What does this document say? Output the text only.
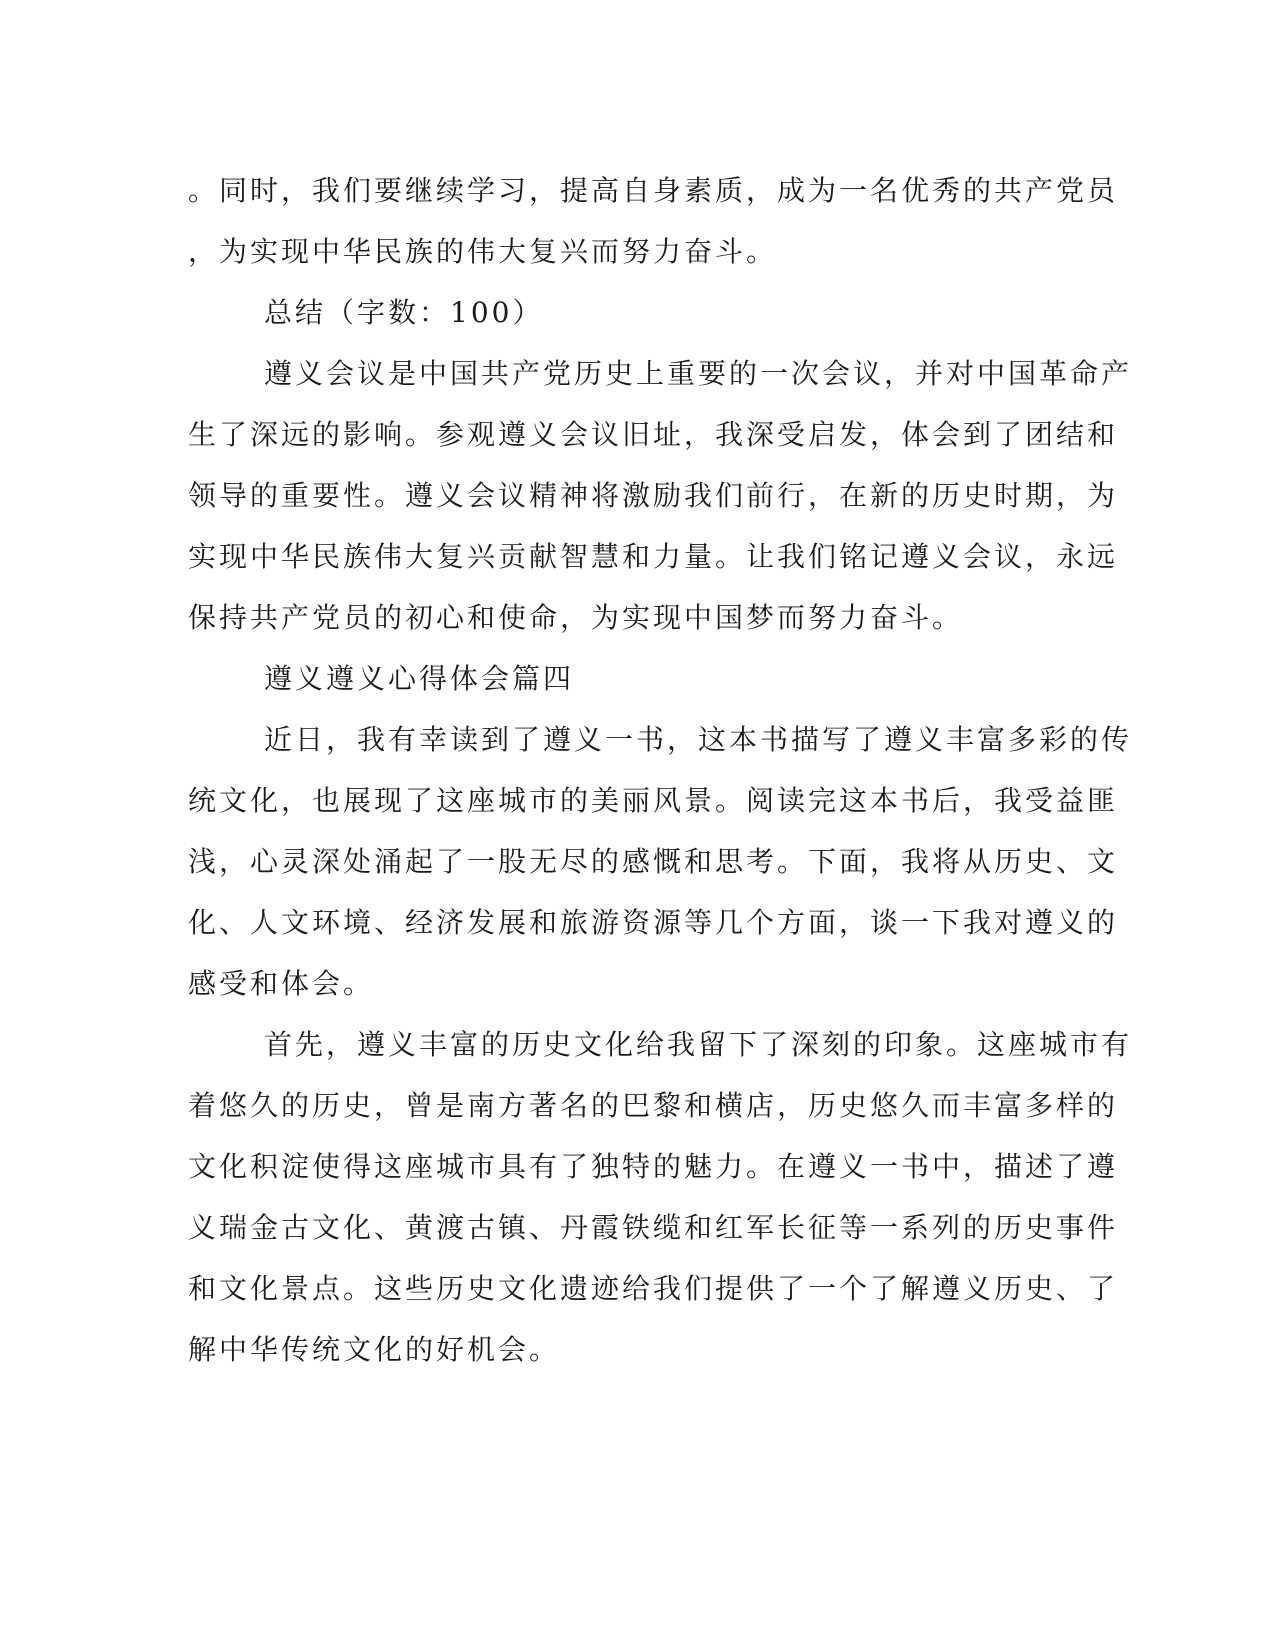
。同时，我们要继续学习，提高自身素质，成为一名优秀的共产党员
，为实现中华民族的伟大复兴而努力奋斗。
总结（字数：100）
遵义会议是中国共产党历史上重要的一次会议，并对中国革命产
生了深远的影响。参观遵义会议旧址，我深受启发，体会到了团结和
领导的重要性。遵义会议精神将激励我们前行，在新的历史时期，为
实现中华民族伟大复兴贡献智慧和力量。让我们铭记遵义会议，永远
保持共产党员的初心和使命，为实现中国梦而努力奋斗。
遵义遵义心得体会篇四
近日，我有幸读到了遵义一书，这本书描写了遵义丰富多彩的传
统文化，也展现了这座城市的美丽风景。阅读完这本书后，我受益匪
浅，心灵深处涌起了一股无尽的感慨和思考。下面，我将从历史、文
化、人文环境、经济发展和旅游资源等几个方面，谈一下我对遵义的
感受和体会。
首先，遵义丰富的历史文化给我留下了深刻的印象。这座城市有
着悠久的历史，曾是南方著名的巴黎和横店，历史悠久而丰富多样的
文化积淀使得这座城市具有了独特的魅力。在遵义一书中，描述了遵
义瑞金古文化、黄渡古镇、丹霞铁缆和红军长征等一系列的历史事件
和文化景点。这些历史文化遗迹给我们提供了一个了解遵义历史、了
解中华传统文化的好机会。
